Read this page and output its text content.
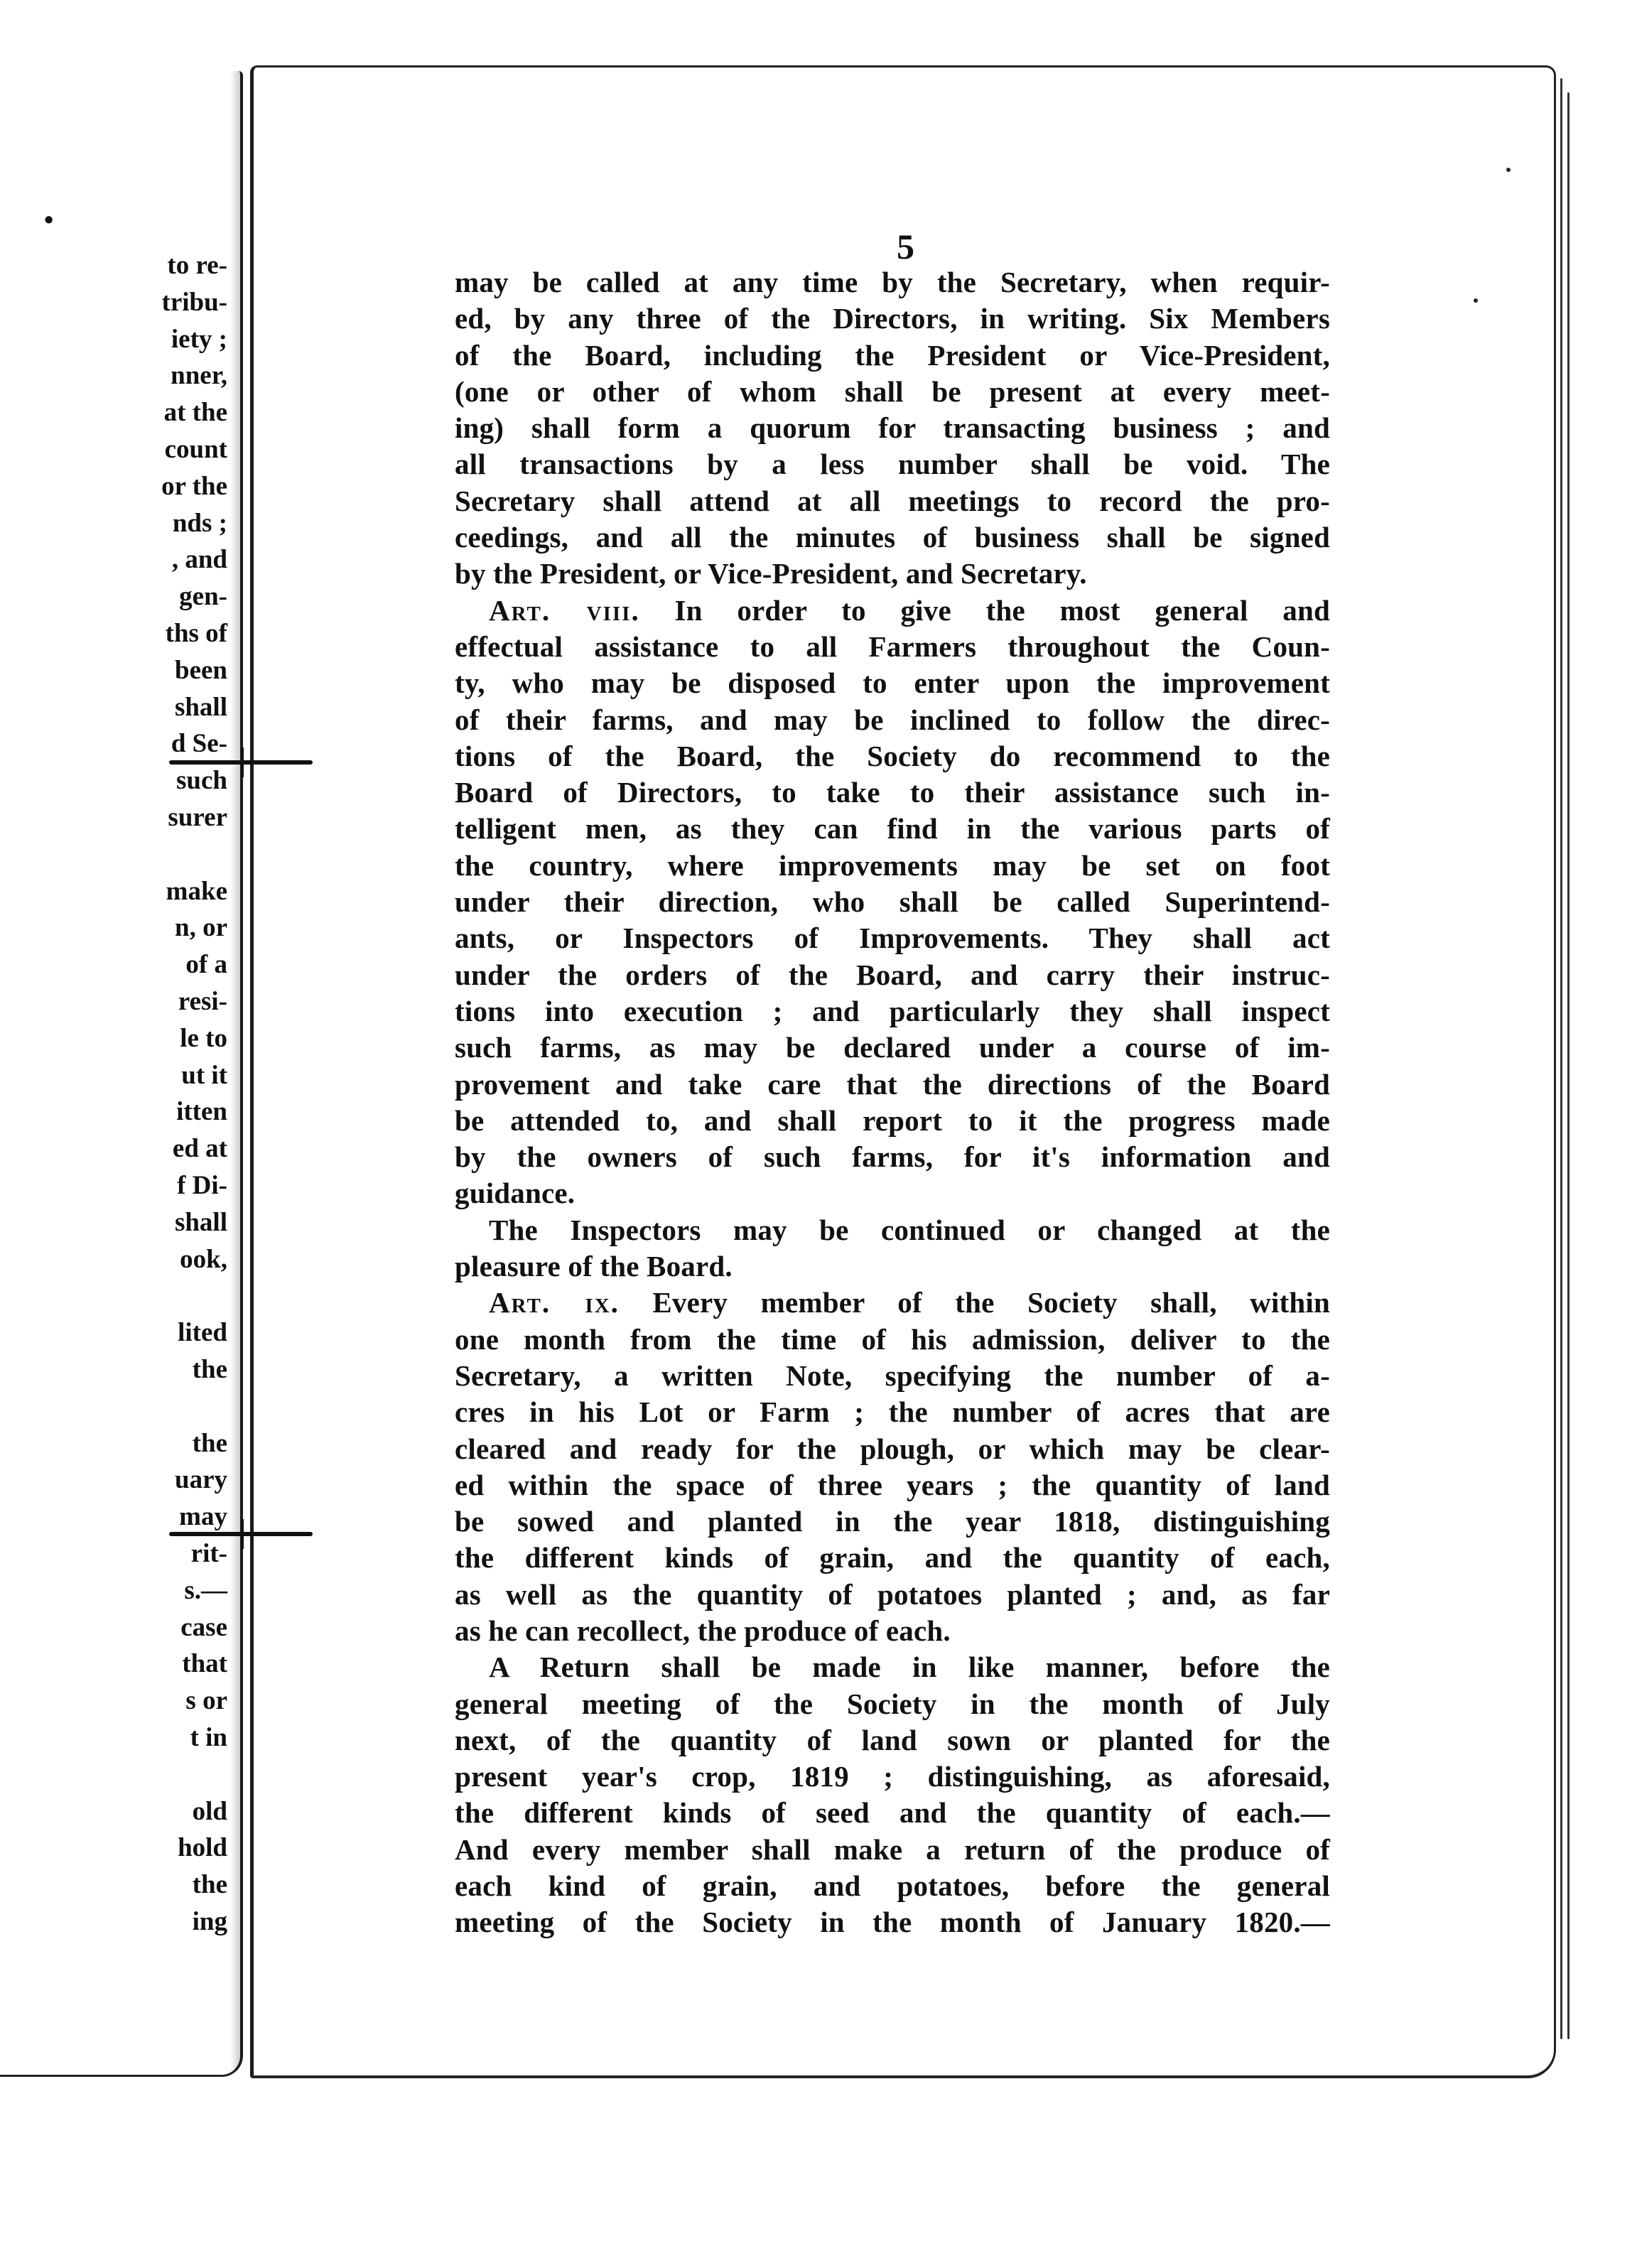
•
to re-
tribu-
iety ;
nner,
at the
count
or the
nds ;
, and
gen-
ths of
been
shall
d Se-
such
surer
make
n, or
of a
resi-
le to
ut it
itten
ed at
f Di-
shall
ook,
lited
the
the
uary
may
rit-
s.—
case
that
s or
t in
old
hold
the
ing
5
may be called at any time by the Secretary, when requir-
ed, by any three of the Directors, in writing. Six Members
of the Board, including the President or Vice-President,
(one or other of whom shall be present at every meet-
ing) shall form a quorum for transacting business ; and
all transactions by a less number shall be void. The
Secretary shall attend at all meetings to record the pro-
ceedings, and all the minutes of business shall be signed
by the President, or Vice-President, and Secretary.
Art. viii. In order to give the most general and
effectual assistance to all Farmers throughout the Coun-
ty, who may be disposed to enter upon the improvement
of their farms, and may be inclined to follow the direc-
tions of the Board, the Society do recommend to the
Board of Directors, to take to their assistance such in-
telligent men, as they can find in the various parts of
the country, where improvements may be set on foot
under their direction, who shall be called Superintend-
ants, or Inspectors of Improvements. They shall act
under the orders of the Board, and carry their instruc-
tions into execution ; and particularly they shall inspect
such farms, as may be declared under a course of im-
provement and take care that the directions of the Board
be attended to, and shall report to it the progress made
by the owners of such farms, for it's information and
guidance.
The Inspectors may be continued or changed at the
pleasure of the Board.
Art. ix. Every member of the Society shall, within
one month from the time of his admission, deliver to the
Secretary, a written Note, specifying the number of a-
cres in his Lot or Farm ; the number of acres that are
cleared and ready for the plough, or which may be clear-
ed within the space of three years ; the quantity of land
be sowed and planted in the year 1818, distinguishing
the different kinds of grain, and the quantity of each,
as well as the quantity of potatoes planted ; and, as far
as he can recollect, the produce of each.
A Return shall be made in like manner, before the
general meeting of the Society in the month of July
next, of the quantity of land sown or planted for the
present year's crop, 1819 ; distinguishing, as aforesaid,
the different kinds of seed and the quantity of each.—
And every member shall make a return of the produce of
each kind of grain, and potatoes, before the general
meeting of the Society in the month of January 1820.—
